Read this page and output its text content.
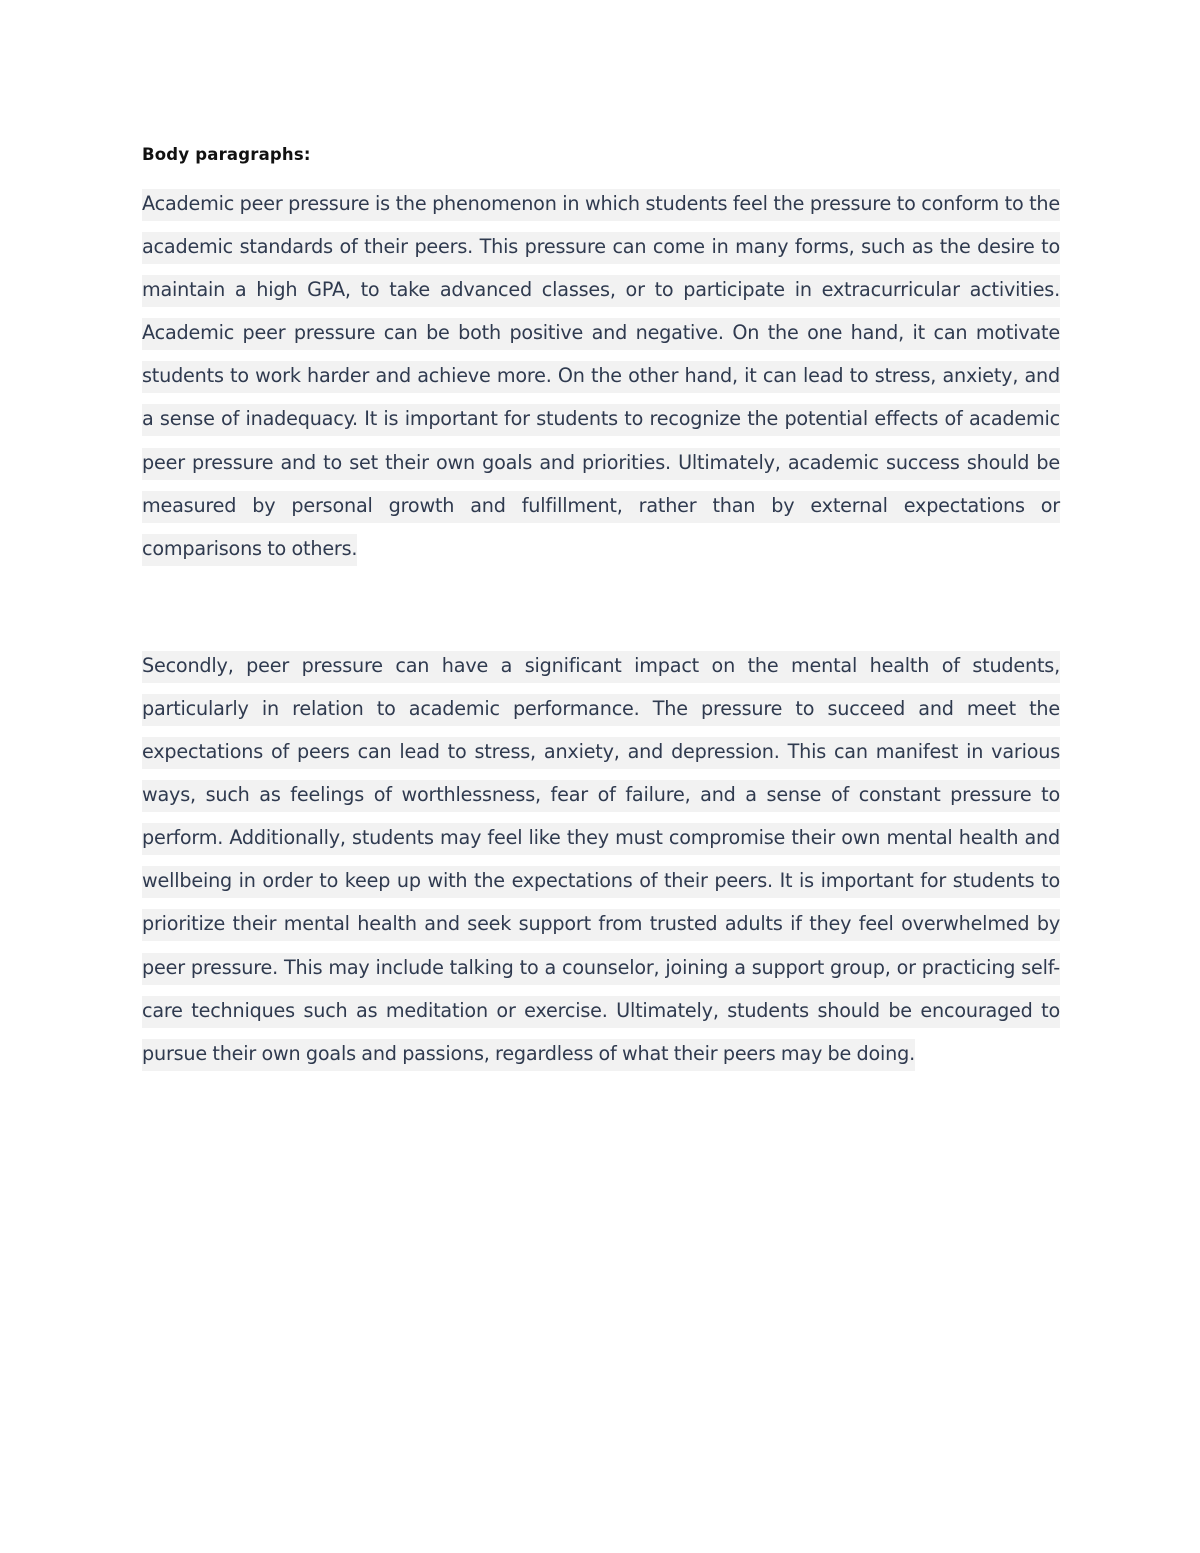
Body paragraphs:

Academic peer pressure is the phenomenon in which students feel the pressure to conform to the academic standards of their peers. This pressure can come in many forms, such as the desire to maintain a high GPA, to take advanced classes, or to participate in extracurricular activities. Academic peer pressure can be both positive and negative. On the one hand, it can motivate students to work harder and achieve more. On the other hand, it can lead to stress, anxiety, and a sense of inadequacy. It is important for students to recognize the potential effects of academic peer pressure and to set their own goals and priorities. Ultimately, academic success should be measured by personal growth and fulfillment, rather than by external expectations or comparisons to others.

Secondly, peer pressure can have a significant impact on the mental health of students, particularly in relation to academic performance. The pressure to succeed and meet the expectations of peers can lead to stress, anxiety, and depression. This can manifest in various ways, such as feelings of worthlessness, fear of failure, and a sense of constant pressure to perform. Additionally, students may feel like they must compromise their own mental health and wellbeing in order to keep up with the expectations of their peers. It is important for students to prioritize their mental health and seek support from trusted adults if they feel overwhelmed by peer pressure. This may include talking to a counselor, joining a support group, or practicing self-care techniques such as meditation or exercise. Ultimately, students should be encouraged to pursue their own goals and passions, regardless of what their peers may be doing.
